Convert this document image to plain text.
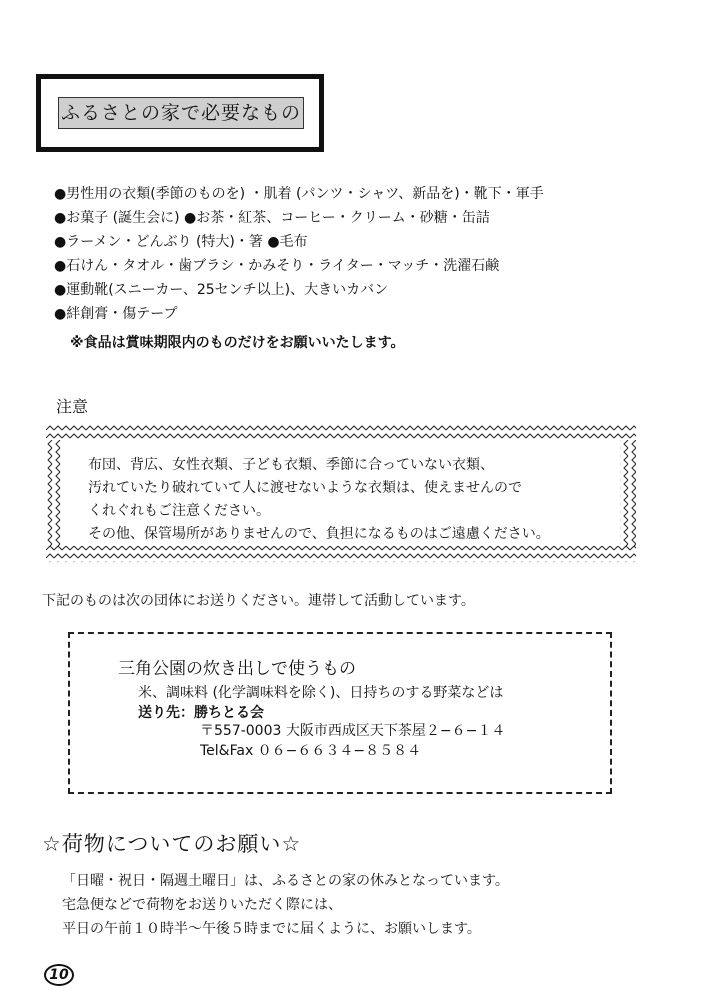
ふるさとの家で必要なもの
●男性用の衣類(季節のものを) ・肌着 (パンツ・シャツ、新品を)・靴下・軍手
●お菓子 (誕生会に) ●お茶・紅茶、コーヒー・クリーム・砂糖・缶詰
●ラーメン・どんぶり (特大)・箸 ●毛布
●石けん・タオル・歯ブラシ・かみそり・ライター・マッチ・洗濯石鹸
●運動靴(スニーカー、25センチ以上)、大きいカバン
●絆創膏・傷テープ
※食品は賞味期限内のものだけをお願いいたします。
注意
布団、背広、女性衣類、子ども衣類、季節に合っていない衣類、
汚れていたり破れていて人に渡せないような衣類は、使えませんので
くれぐれもご注意ください。
その他、保管場所がありませんので、負担になるものはご遠慮ください。
下記のものは次の団体にお送りください。連帯して活動しています。
三角公園の炊き出しで使うもの
米、調味料 (化学調味料を除く)、日持ちのする野菜などは
送り先：勝ちとる会
〒557-0003 大阪市西成区天下茶屋２−６−１４
Tel&Fax ０６−６６３４−８５８４
☆荷物についてのお願い☆
「日曜・祝日・隔週土曜日」は、ふるさとの家の休みとなっています。
宅急便などで荷物をお送りいただく際には、
平日の午前１０時半〜午後５時までに届くように、お願いします。
10
